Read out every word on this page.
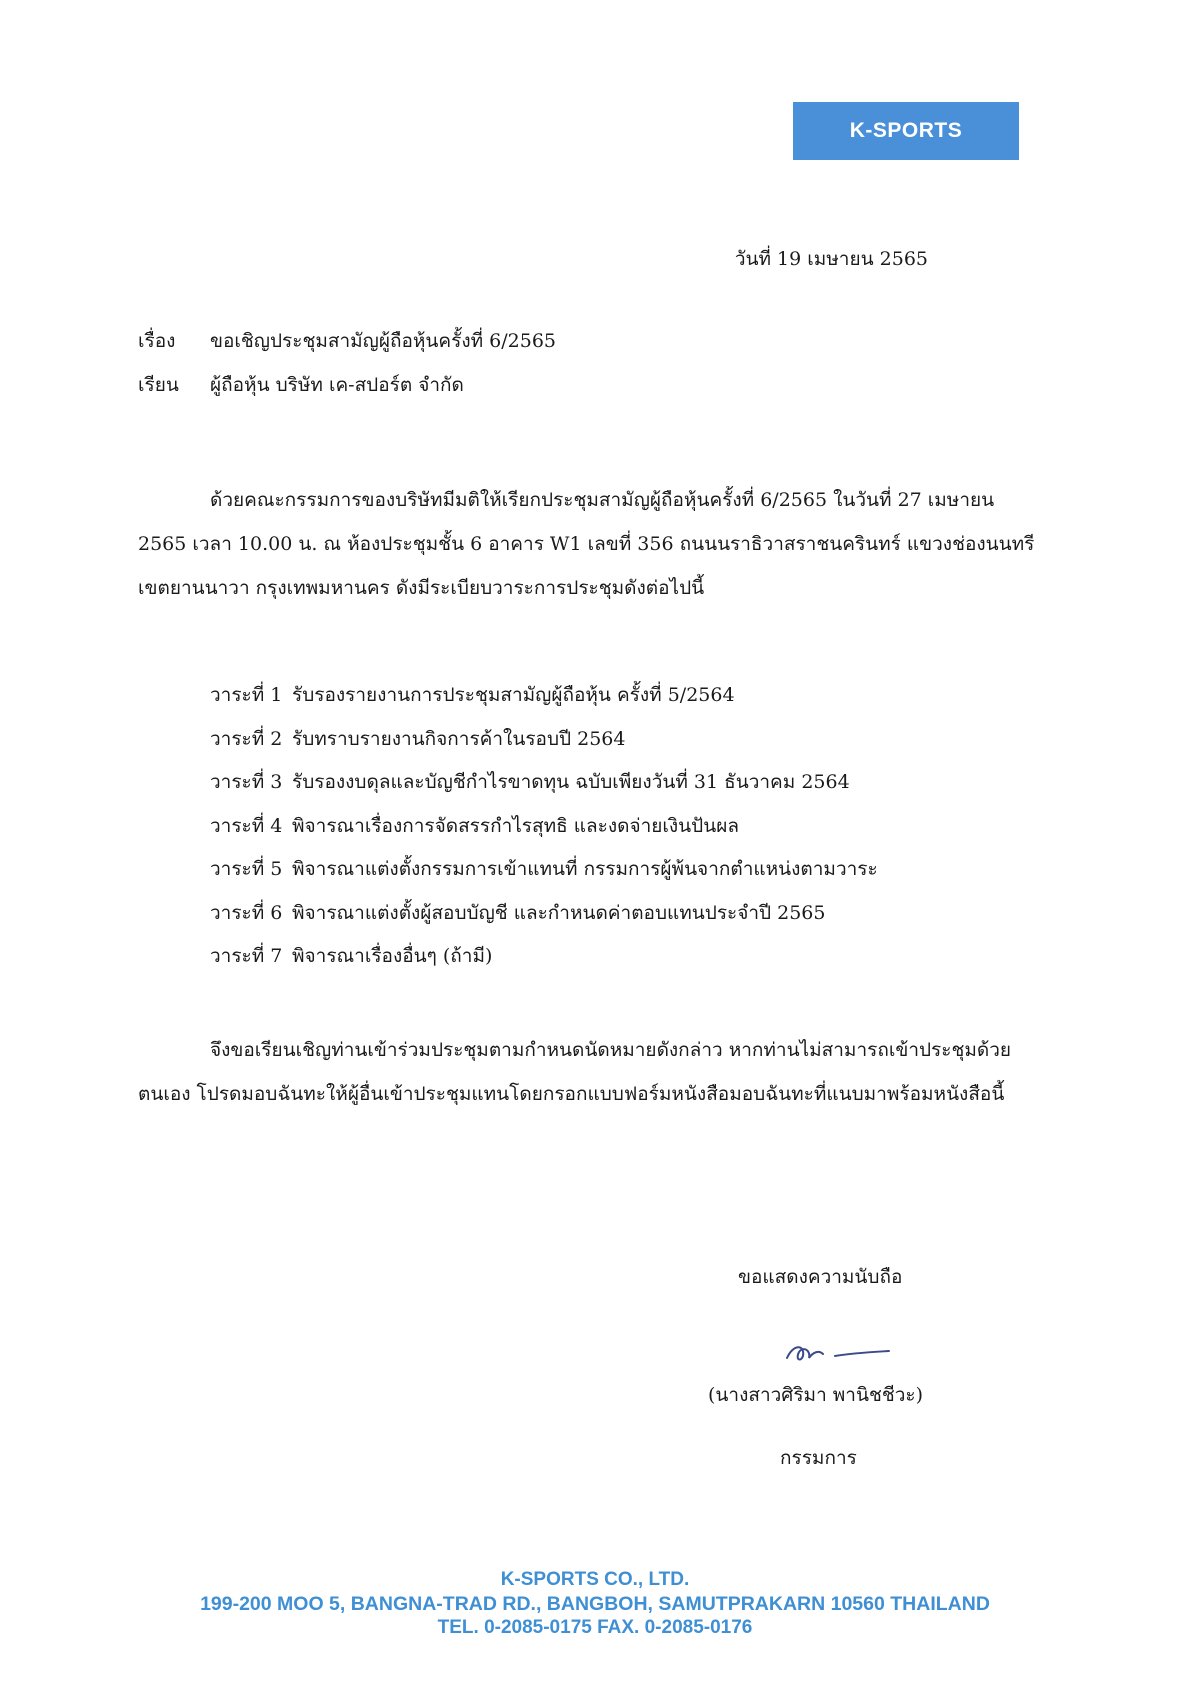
K-SPORTS
วันที่ 19 เมษายน 2565
เรื่อง	ขอเชิญประชุมสามัญผู้ถือหุ้นครั้งที่ 6/2565
เรียน	ผู้ถือหุ้น บริษัท เค-สปอร์ต จำกัด
ด้วยคณะกรรมการของบริษัทมีมติให้เรียกประชุมสามัญผู้ถือหุ้นครั้งที่ 6/2565 ในวันที่ 27 เมษายน 2565 เวลา 10.00 น. ณ ห้องประชุมชั้น 6 อาคาร W1 เลขที่ 356 ถนนนราธิวาสราชนครินทร์ แขวงช่องนนทรี เขตยานนาวา กรุงเทพมหานคร ดังมีระเบียบวาระการประชุมดังต่อไปนี้
วาระที่ 1 รับรองรายงานการประชุมสามัญผู้ถือหุ้น ครั้งที่ 5/2564
วาระที่ 2 รับทราบรายงานกิจการค้าในรอบปี 2564
วาระที่ 3 รับรองงบดุลและบัญชีกำไรขาดทุน ฉบับเพียงวันที่ 31 ธันวาคม 2564
วาระที่ 4 พิจารณาเรื่องการจัดสรรกำไรสุทธิ และงดจ่ายเงินปันผล
วาระที่ 5 พิจารณาแต่งตั้งกรรมการเข้าแทนที่ กรรมการผู้พ้นจากตำแหน่งตามวาระ
วาระที่ 6 พิจารณาแต่งตั้งผู้สอบบัญชี และกำหนดค่าตอบแทนประจำปี 2565
วาระที่ 7 พิจารณาเรื่องอื่นๆ (ถ้ามี)
จึงขอเรียนเชิญท่านเข้าร่วมประชุมตามกำหนดนัดหมายดังกล่าว หากท่านไม่สามารถเข้าประชุมด้วยตนเอง โปรดมอบฉันทะให้ผู้อื่นเข้าประชุมแทนโดยกรอกแบบฟอร์มหนังสือมอบฉันทะที่แนบมาพร้อมหนังสือนี้
ขอแสดงความนับถือ
(นางสาวศิริมา พานิชชีวะ)
กรรมการ
K-SPORTS CO., LTD.
199-200 MOO 5, BANGNA-TRAD RD., BANGBOH, SAMUTPRAKARN 10560 THAILAND
TEL. 0-2085-0175 FAX. 0-2085-0176
